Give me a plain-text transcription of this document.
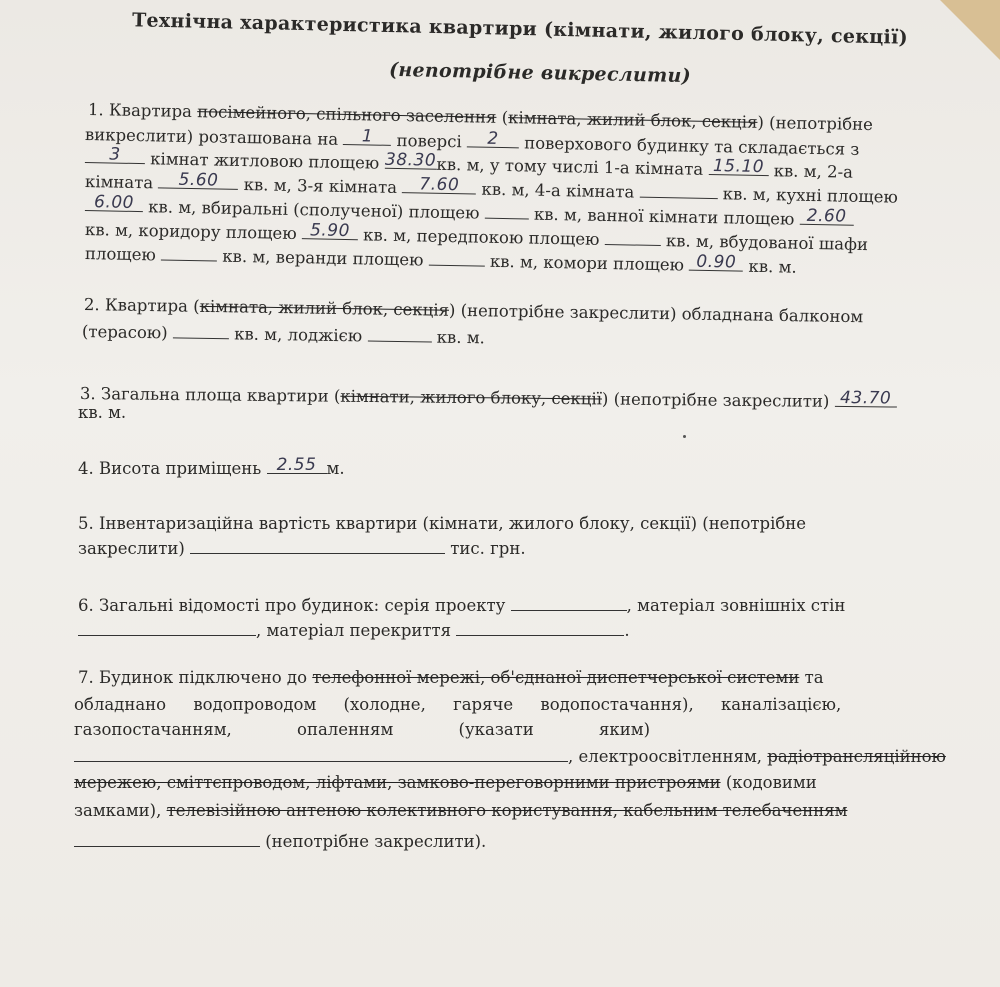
Технічна характеристика квартири (кімнати, жилого блоку, секції)
(непотрібне викреслити)
1. Квартира посімейного, спільного заселення (кімната, жилий блок, секція) (непотрібне
викреслити) розташована на	1	поверсі	2	поверхового будинку та складається з
3	кімнат житловою площею 38.30 кв. м, у тому числі 1-а кімната 15.10 кв. м, 2-а
кімната	5.60	кв. м, 3-я кімната 7.60	кв. м, 4-а кімната	кв. м, кухні площею
6.00 кв. м, вбиральні (сполученої) площею	кв. м, ванної кімнати площею 2.60
кв. м, коридору площею 5.90 кв. м, передпокою площею	кв. м, вбудованої шафи
площею	кв. м, веранди площею	кв. м, комори площею 0.90 кв. м.
2. Квартира (кімната, жилий блок, секція) (непотрібне закреслити) обладнана балконом
(терасою)	кв. м, лоджією	кв. м.
3. Загальна площа квартири (кімнати, жилого блоку, секції) (непотрібне закреслити) 43.70
кв. м.
4. Висота приміщень 2.55 м.
5. Інвентаризаційна вартість квартири (кімнати, жилого блоку, секції) (непотрібне
закреслити)	тис. грн.
6. Загальні відомості про будинок: серія проекту	, матеріал зовнішніх стін
, матеріал перекриття	.
7. Будинок підключено до телефонної мережі, об'єднаної диспетчерської системи та
обладнано водопроводом (холодне, гаряче водопостачання), каналізацією,
газопостачанням, опаленням (указати яким)
, електроосвітленням, радіотрансляційною
мережею, сміттєпроводом, ліфтами, замково-переговорними пристроями (кодовими
замками), телевізійною антеною колективного користування, кабельним телебаченням
(непотрібне закреслити).
